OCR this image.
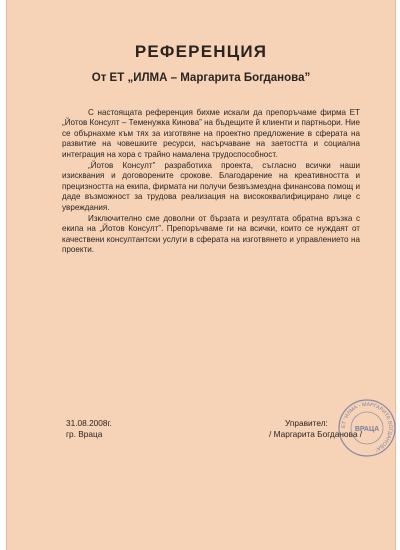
РЕФЕРЕНЦИЯ
От ЕТ „ИЛМА – Маргарита Богданова”

С настоящата референция бихме искали да препоръчаме фирма ЕТ „Йотов Консулт – Теменужка Кинова” на бъдещите й клиенти и партньори. Ние се обърнахме към тях за изготвяне на проектно предложение в сферата на развитие на човешките ресурси, насърчаване на заетостта и социална интеграция на хора с трайно намалена трудоспособност.

„Йотов Консулт” разработиха проекта, съгласно всички наши изисквания и договорените срокове. Благодарение на креативността и прецизността на екипа, фирмата ни получи безвъзмездна финансова помощ и даде възможност за трудова реализация на висококвалифицирано лице с увреждания.

Изключително сме доволни от бързата и резултата обратна връзка с екипа на „Йотов Консулт”. Препоръчваме ги на всички, които се нуждаят от качествени консултантски услуги в сферата на изготвянето и управлението на проекти.

31.08.2008г.
гр. Враца
Управител:
/ Маргарита Богданова /
ЕТ "ИЛМА - МАРГАРИТА БОГДАНОВА"
ВРАЦА
